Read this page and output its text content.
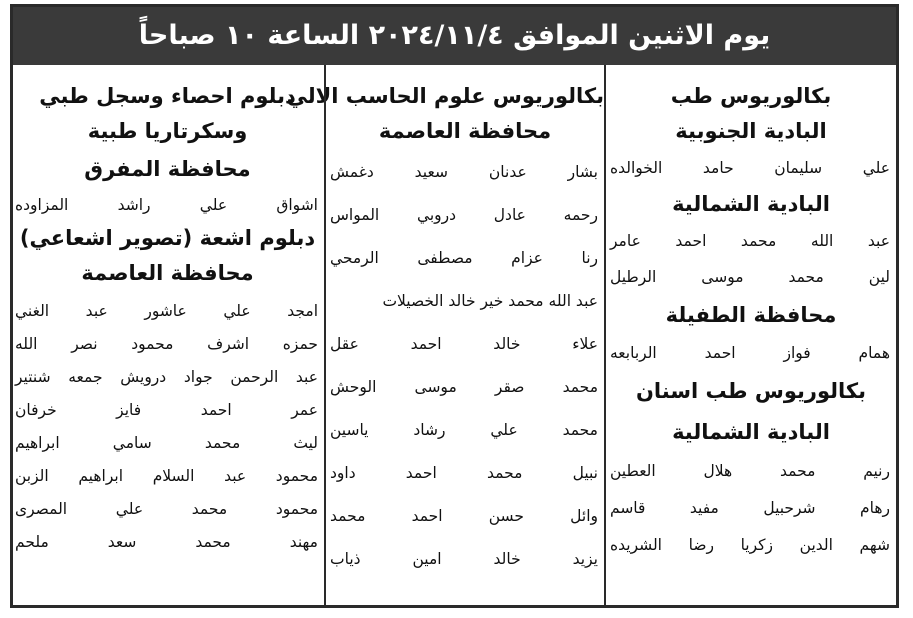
يوم الاثنين الموافق ٢٠٢٤/١١/٤ الساعة ١٠ صباحاً
بكالوريوس طب
البادية الجنوبية
علي سليمان حامد الخوالده
البادية الشمالية
عبد الله محمد احمد عامر
لين محمد موسى الرطيل
محافظة الطفيلة
همام فواز احمد الربابعه
بكالوريوس طب اسنان
البادية الشمالية
رنيم محمد هلال العطين
رهام شرحبيل مفيد قاسم
شهم الدين زكريا رضا الشريده
بكالوريوس علوم الحاسب الالي
محافظة العاصمة
بشار عدنان سعيد دغمش
رحمه عادل دروبي المواس
رنا عزام مصطفى الرمحي
عبد الله محمد خير خالد الخصيلات
علاء خالد احمد عقل
محمد صقر موسى الوحش
محمد علي رشاد ياسين
نبيل محمد احمد داود
وائل حسن احمد محمد
يزيد خالد امين ذياب
دبلوم احصاء وسجل طبي
وسكرتاريا طبية
محافظة المفرق
اشواق علي راشد المزاوده
دبلوم اشعة (تصوير اشعاعي)
محافظة العاصمة
امجد علي عاشور عبد الغني
حمزه اشرف محمود نصر الله
عبد الرحمن جواد درويش جمعه شنتير
عمر احمد فايز خرفان
ليث محمد سامي ابراهيم
محمود عبد السلام ابراهيم الزبن
محمود محمد علي المصرى
مهند محمد سعد ملحم
